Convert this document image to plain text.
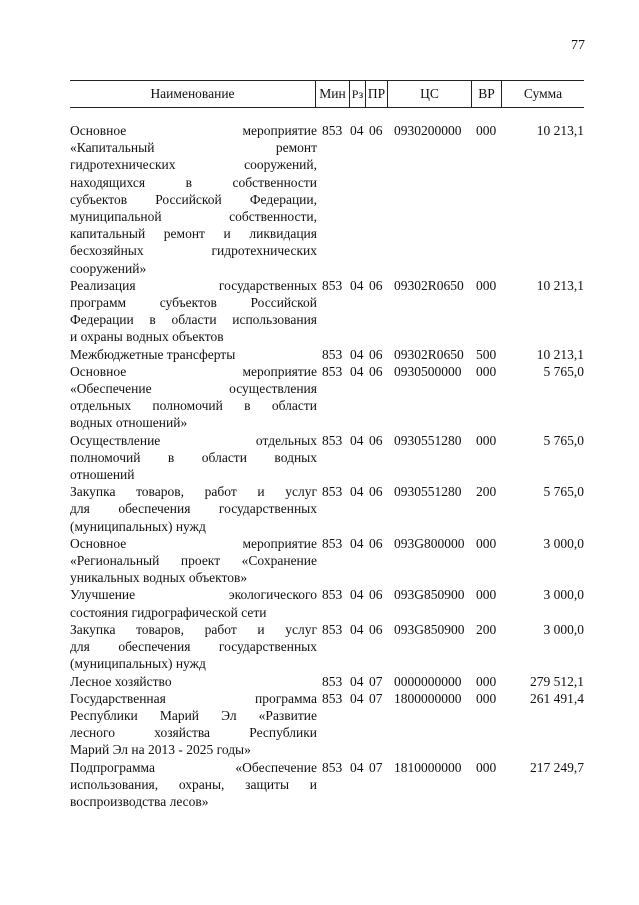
77
Наименование	Мин Рз ПР	ЦС	ВР	Сумма
Основное мероприятие
«Капитальный ремонт
гидротехнических сооружений,
находящихся в собственности
субъектов Российской Федерации,
муниципальной собственности,
капитальный ремонт и ликвидация
бесхозяйных гидротехнических
сооружений»
853 04 06 0930200000 000	10 213,1
Реализация государственных
программ субъектов Российской
Федерации в области использования
и охраны водных объектов
853 04 06 09302R0650 000	10 213,1
Межбюджетные трансферты	853 04 06 09302R0650 500	10 213,1
Основное мероприятие
«Обеспечение осуществления
отдельных полномочий в области
водных отношений»
853 04 06 0930500000 000	5 765,0
Осуществление отдельных
полномочий в области водных
отношений
853 04 06 0930551280 000	5 765,0
Закупка товаров, работ и услуг
для обеспечения государственных
(муниципальных) нужд
853 04 06 0930551280 200	5 765,0
Основное мероприятие
«Региональный проект «Сохранение
уникальных водных объектов»
853 04 06 093G800000 000	3 000,0
Улучшение экологического
состояния гидрографической сети
853 04 06 093G850900 000	3 000,0
Закупка товаров, работ и услуг
для обеспечения государственных
(муниципальных) нужд
853 04 06 093G850900 200	3 000,0
Лесное хозяйство	853 04 07 0000000000 000	279 512,1
Государственная программа
Республики Марий Эл «Развитие
лесного хозяйства Республики
Марий Эл на 2013 - 2025 годы»
853 04 07 1800000000 000	261 491,4
Подпрограмма «Обеспечение
использования, охраны, защиты и
воспроизводства лесов»
853 04 07 1810000000 000	217 249,7
